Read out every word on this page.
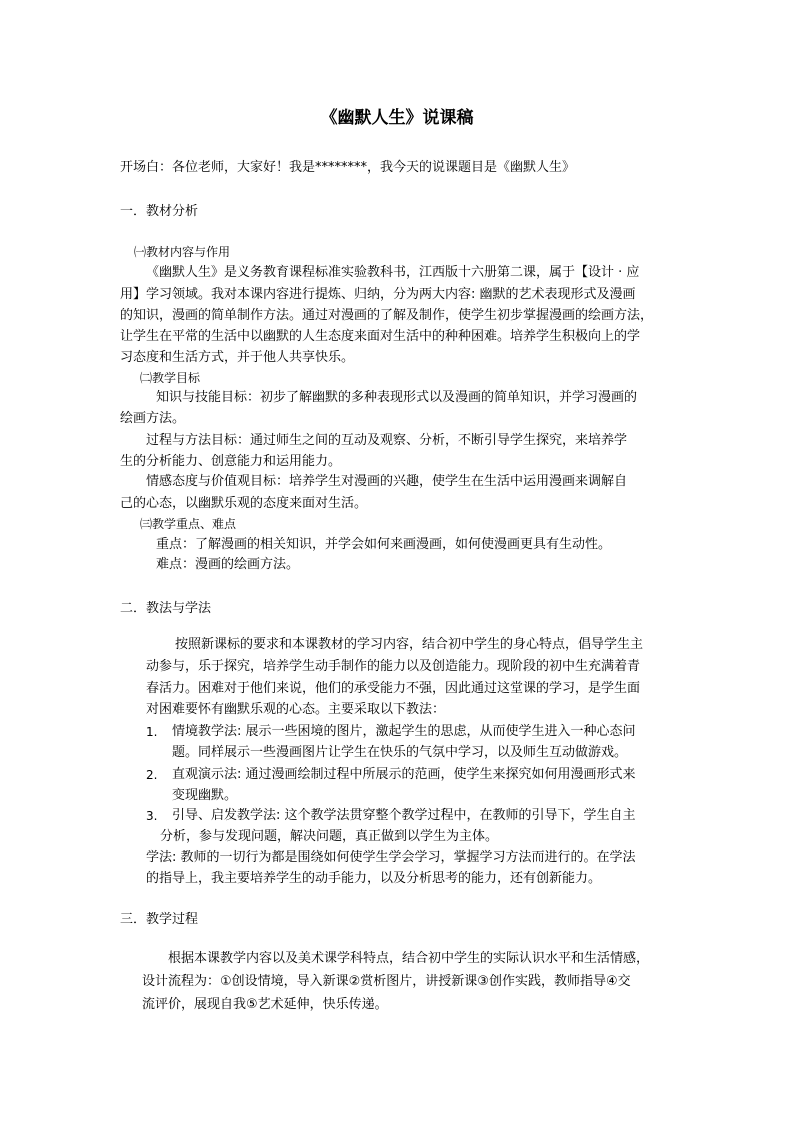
《幽默人生》说课稿
开场白：各位老师，大家好！我是********，我今天的说课题目是《幽默人生》
一．教材分析
㈠教材内容与作用
《幽默人生》是义务教育课程标准实验教科书，江西版十六册第二课，属于【设计 · 应
用】学习领域。我对本课内容进行提炼、归纳，分为两大内容: 幽默的艺术表现形式及漫画
的知识，漫画的简单制作方法。通过对漫画的了解及制作，使学生初步掌握漫画的绘画方法，
让学生在平常的生活中以幽默的人生态度来面对生活中的种种困难。培养学生积极向上的学
习态度和生活方式，并于他人共享快乐。
㈡教学目标
知识与技能目标：初步了解幽默的多种表现形式以及漫画的简单知识，并学习漫画的
绘画方法。
过程与方法目标：通过师生之间的互动及观察、分析，不断引导学生探究，来培养学
生的分析能力、创意能力和运用能力。
情感态度与价值观目标：培养学生对漫画的兴趣，使学生在生活中运用漫画来调解自
己的心态，以幽默乐观的态度来面对生活。
㈢教学重点、难点
重点：了解漫画的相关知识，并学会如何来画漫画，如何使漫画更具有生动性。
难点：漫画的绘画方法。
二．教法与学法
按照新课标的要求和本课教材的学习内容，结合初中学生的身心特点，倡导学生主
动参与，乐于探究，培养学生动手制作的能力以及创造能力。现阶段的初中生充满着青
春活力。困难对于他们来说，他们的承受能力不强，因此通过这堂课的学习，是学生面
对困难要怀有幽默乐观的心态。主要采取以下教法：
1. 情境教学法: 展示一些困境的图片，激起学生的思虑，从而使学生进入一种心态问
题。同样展示一些漫画图片让学生在快乐的气氛中学习，以及师生互动做游戏。
2. 直观演示法: 通过漫画绘制过程中所展示的范画，使学生来探究如何用漫画形式来
变现幽默。
3. 引导、启发教学法: 这个教学法贯穿整个教学过程中，在教师的引导下，学生自主
分析，参与发现问题，解决问题，真正做到以学生为主体。
学法: 教师的一切行为都是围绕如何使学生学会学习，掌握学习方法而进行的。在学法
的指导上，我主要培养学生的动手能力，以及分析思考的能力，还有创新能力。
三．教学过程
根据本课教学内容以及美术课学科特点，结合初中学生的实际认识水平和生活情感，
设计流程为：①创设情境，导入新课②赏析图片，讲授新课③创作实践，教师指导④交
流评价，展现自我⑤艺术延伸，快乐传递。
